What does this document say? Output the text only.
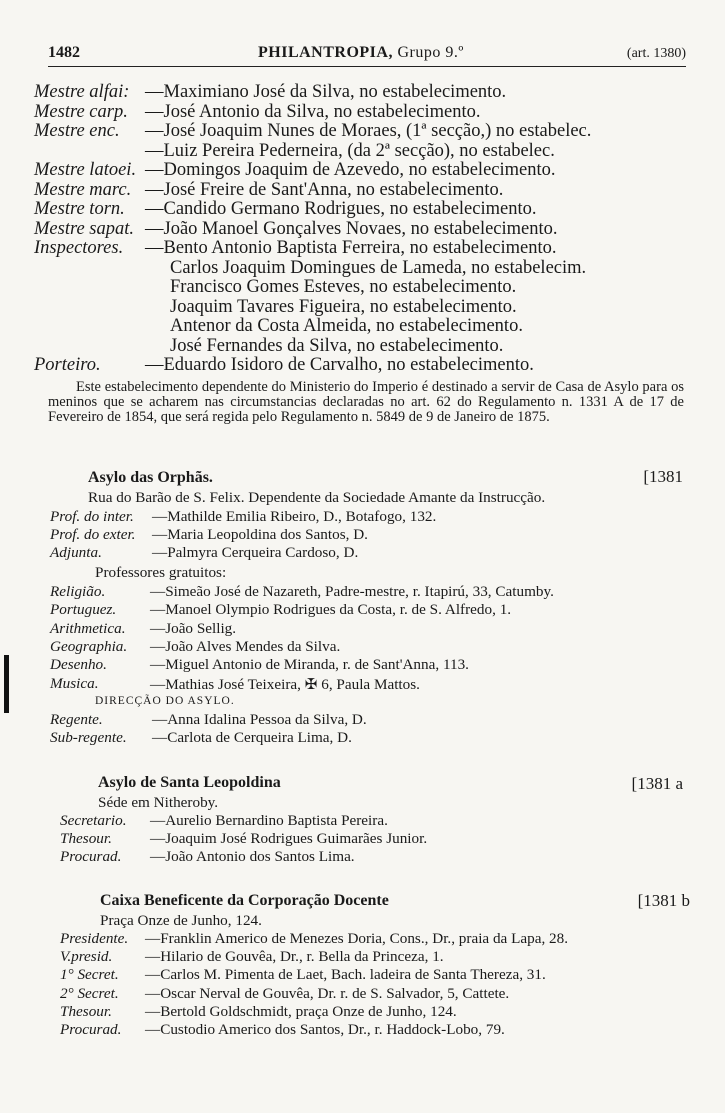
1482	PHILANTROPIA, Grupo 9.º	(art. 1380)
Mestre alfai: —Maximiano José da Silva, no estabelecimento.
Mestre carp. —José Antonio da Silva, no estabelecimento.
Mestre enc. —José Joaquim Nunes de Moraes, (1ª secção,) no estabelec.
—Luiz Pereira Pederneira, (da 2ª secção), no estabelec.
Mestre latoei. —Domingos Joaquim de Azevedo, no estabelecimento.
Mestre marc. —José Freire de Sant'Anna, no estabelecimento.
Mestre torn. —Candido Germano Rodrigues, no estabelecimento.
Mestre sapat. —João Manoel Gonçalves Novaes, no estabelecimento.
Inspectores. —Bento Antonio Baptista Ferreira, no estabelecimento.
Carlos Joaquim Domingues de Lameda, no estabelecim.
Francisco Gomes Esteves, no estabelecimento.
Joaquim Tavares Figueira, no estabelecimento.
Antenor da Costa Almeida, no estabelecimento.
José Fernandes da Silva, no estabelecimento.
Porteiro. —Eduardo Isidoro de Carvalho, no estabelecimento.
Este estabelecimento dependente do Ministerio do Imperio é destinado a servir de Casa de Asylo para os meninos que se acharem nas circumstancias declaradas no art. 62 do Regulamento n. 1331 A de 17 de Fevereiro de 1854, que será regida pelo Regulamento n. 5849 de 9 de Janeiro de 1875.
Asylo das Orphãs.	[1381
Rua do Barão de S. Felix. Dependente da Sociedade Amante da Instrucção.
Prof. do inter. —Mathilde Emilia Ribeiro, D., Botafogo, 132.
Prof. do exter. —Maria Leopoldina dos Santos, D.
Adjunta.	—Palmyra Cerqueira Cardoso, D.
Professores gratuitos:
Religião.	—Simeão José de Nazareth, Padre-mestre, r. Itapirú, 33, Catumby.
Portuguez. —Manoel Olympio Rodrigues da Costa, r. de S. Alfredo, 1.
Arithmetica. —João Sellig.
Geographia. —João Alves Mendes da Silva.
Desenho.	—Miguel Antonio de Miranda, r. de Sant'Anna, 113.
Musica.	—Mathias José Teixeira, ✠ 6, Paula Mattos.
DIRECÇÃO DO ASYLO.
Regente.	—Anna Idalina Pessoa da Silva, D.
Sub-regente. —Carlota de Cerqueira Lima, D.
Asylo de Santa Leopoldina	[1381 a
Séde em Nitheroby.
Secretario. —Aurelio Bernardino Baptista Pereira.
Thesour.	—Joaquim José Rodrigues Guimarães Junior.
Procurad. —João Antonio dos Santos Lima.
Caixa Beneficente da Corporação Docente	[1381 b
Praça Onze de Junho, 124.
Presidente. —Franklin Americo de Menezes Doria, Cons., Dr., praia da Lapa, 28.
V.presid. —Hilario de Gouvêa, Dr., r. Bella da Princeza, 1.
1° Secret. —Carlos M. Pimenta de Laet, Bach. ladeira de Santa Thereza, 31.
2° Secret. —Oscar Nerval de Gouvêa, Dr. r. de S. Salvador, 5, Cattete.
Thesour. —Bertold Goldschmidt, praça Onze de Junho, 124.
Procurad. —Custodio Americo dos Santos, Dr., r. Haddock-Lobo, 79.
